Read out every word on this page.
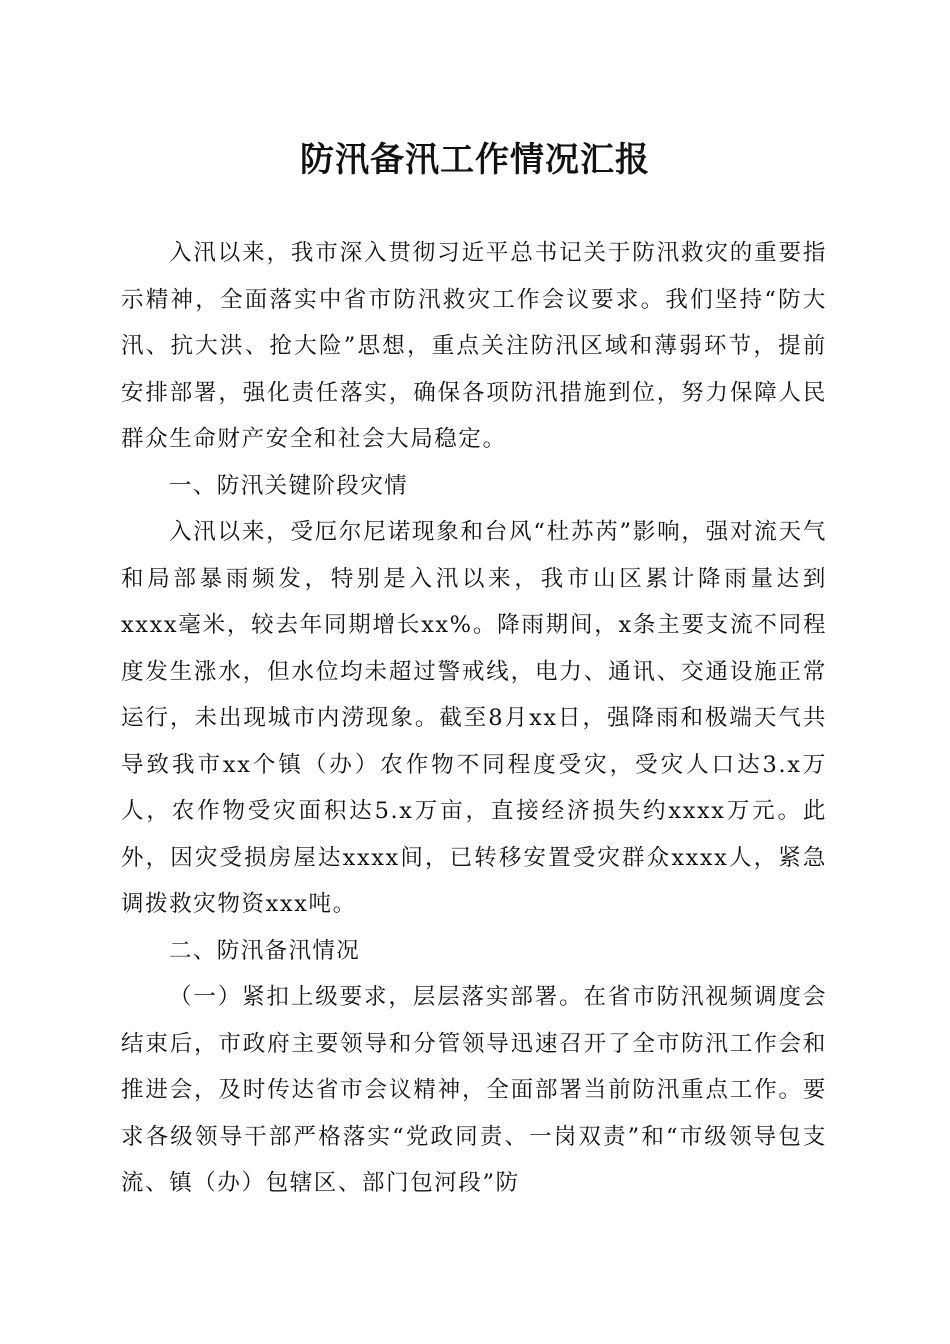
防汛备汛工作情况汇报

入汛以来，我市深入贯彻习近平总书记关于防汛救灾的重要指示精神，全面落实中省市防汛救灾工作会议要求。我们坚持“防大汛、抗大洪、抢大险”思想，重点关注防汛区域和薄弱环节，提前安排部署，强化责任落实，确保各项防汛措施到位，努力保障人民群众生命财产安全和社会大局稳定。

一、防汛关键阶段灾情

入汛以来，受厄尔尼诺现象和台风“杜苏芮”影响，强对流天气和局部暴雨频发，特别是入汛以来，我市山区累计降雨量达到xxxx毫米，较去年同期增长xx%。降雨期间，x条主要支流不同程度发生涨水，但水位均未超过警戒线，电力、通讯、交通设施正常运行，未出现城市内涝现象。截至8月xx日，强降雨和极端天气共导致我市xx个镇（办）农作物不同程度受灾，受灾人口达3.x万人，农作物受灾面积达5.x万亩，直接经济损失约xxxx万元。此外，因灾受损房屋达xxxx间，已转移安置受灾群众xxxx人，紧急调拨救灾物资xxx吨。

二、防汛备汛情况

（一）紧扣上级要求，层层落实部署。在省市防汛视频调度会结束后，市政府主要领导和分管领导迅速召开了全市防汛工作会和推进会，及时传达省市会议精神，全面部署当前防汛重点工作。要求各级领导干部严格落实“党政同责、一岗双责”和“市级领导包支流、镇（办）包辖区、部门包河段”防
